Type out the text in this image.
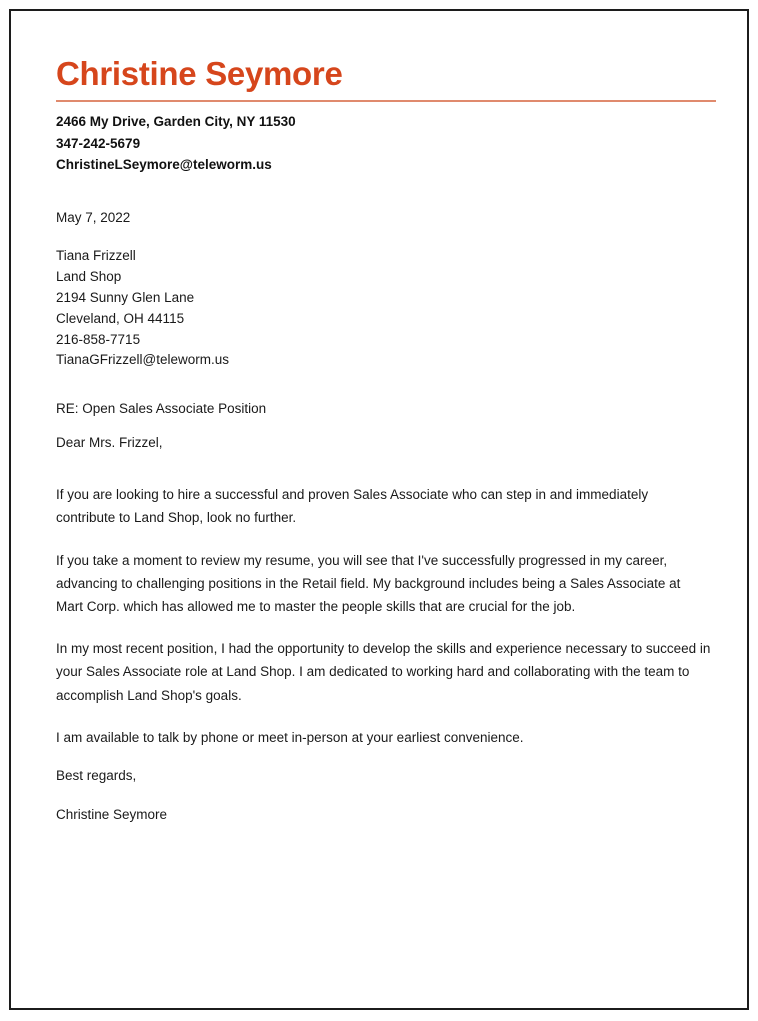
Christine Seymore
2466 My Drive, Garden City, NY 11530
347-242-5679
ChristineLSeymore@teleworm.us
May 7, 2022
Tiana Frizzell
Land Shop
2194 Sunny Glen Lane
Cleveland, OH 44115
216-858-7715
TianaGFrizzell@teleworm.us
RE: Open Sales Associate Position
Dear Mrs. Frizzel,

If you are looking to hire a successful and proven Sales Associate who can step in and immediately contribute to Land Shop, look no further.

If you take a moment to review my resume, you will see that I've successfully progressed in my career, advancing to challenging positions in the Retail field. My background includes being a Sales Associate at Mart Corp. which has allowed me to master the people skills that are crucial for the job.

In my most recent position, I had the opportunity to develop the skills and experience necessary to succeed in your Sales Associate role at Land Shop. I am dedicated to working hard and collaborating with the team to accomplish Land Shop's goals.

I am available to talk by phone or meet in-person at your earliest convenience.

Best regards,
Christine Seymore
